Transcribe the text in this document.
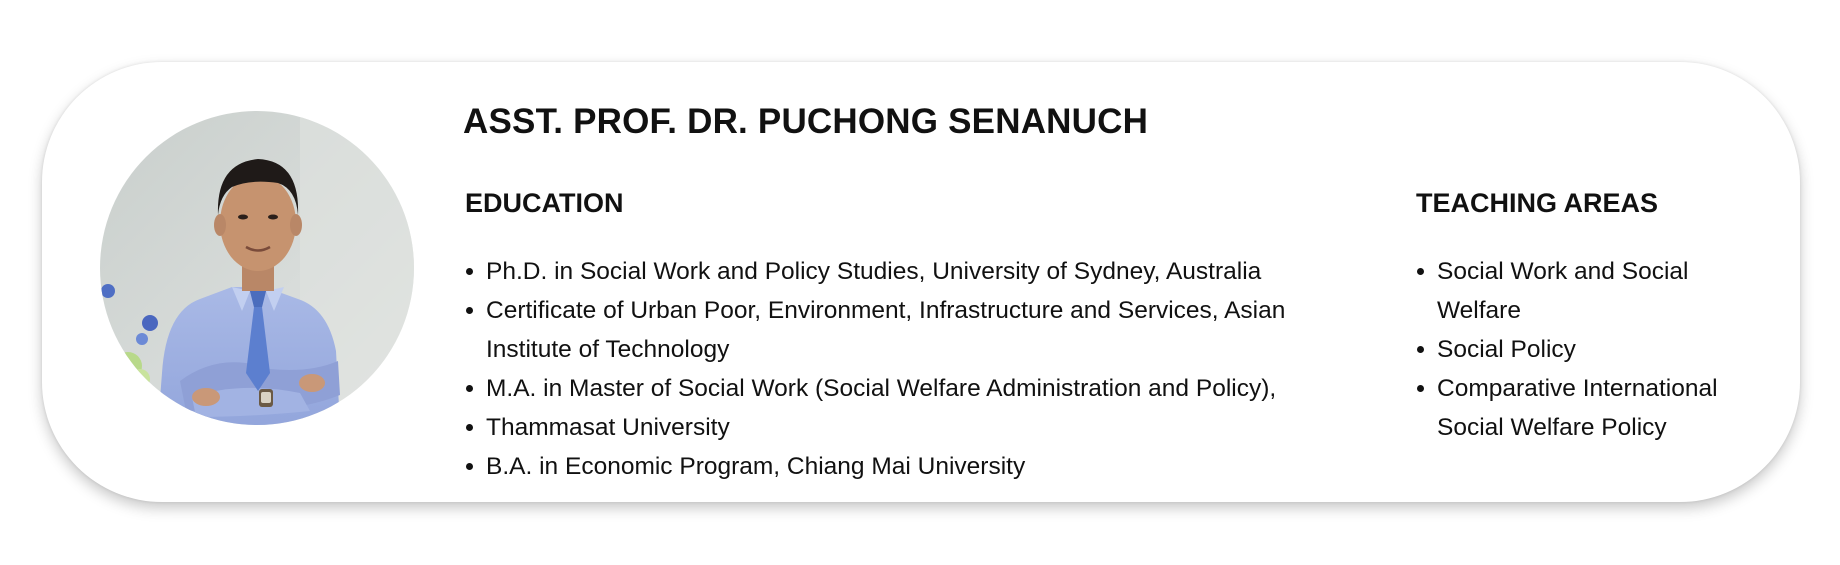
ASST. PROF. DR. PUCHONG SENANUCH
EDUCATION
Ph.D. in Social Work and Policy Studies, University of Sydney, Australia
Certificate of Urban Poor, Environment, Infrastructure and Services, Asian Institute of Technology
M.A. in Master of Social Work (Social Welfare Administration and Policy),
Thammasat University
B.A. in Economic Program, Chiang Mai University
TEACHING AREAS
Social Work and Social Welfare
Social Policy
Comparative International Social Welfare Policy
